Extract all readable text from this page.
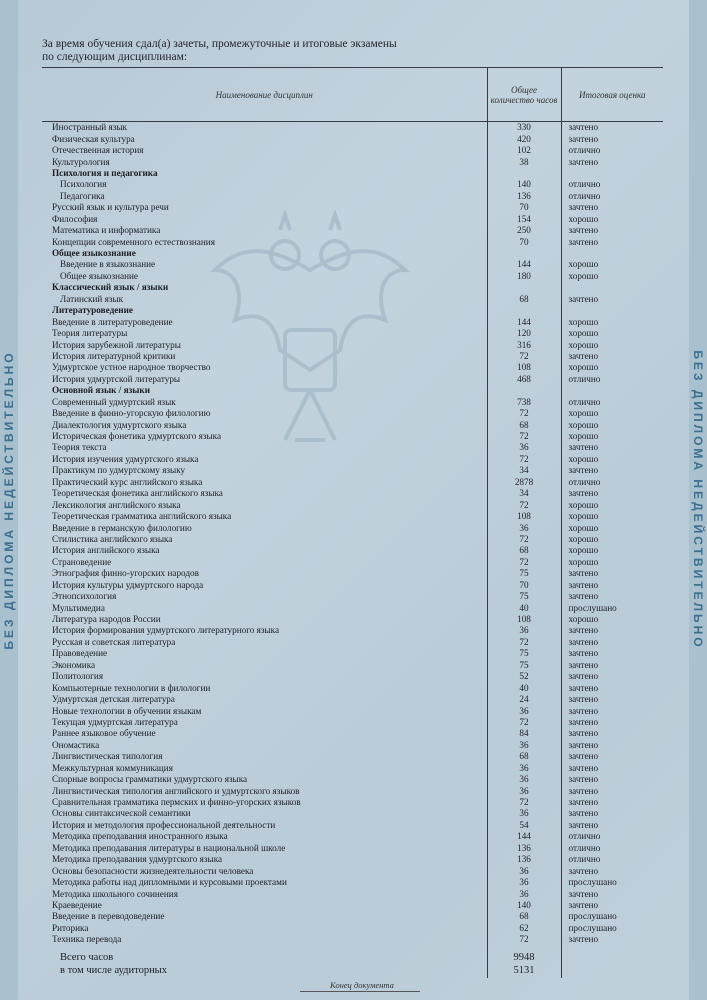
БЕЗ ДИПЛОМА НЕДЕЙСТВИТЕЛЬНО	БЕЗ ДИПЛОМА НЕДЕЙСТВИТЕЛЬНО
За время обучения сдал(а) зачеты, промежуточные и итоговые экзамены
по следующим дисциплинам:
Наименование дисциплин	Общее количество часов	Итоговая оценка
Иностранный язык	330	зачтено
Физическая культура	420	зачтено
Отечественная история	102	отлично
Культурология	38	зачтено
Психология и педагогика		
Психология	140	отлично
Педагогика	136	отлично
Русский язык и культура речи	70	зачтено
Философия	154	хорошо
Математика и информатика	250	зачтено
Концепции современного естествознания	70	зачтено
Общее языкознание		
Введение в языкознание	144	хорошо
Общее языкознание	180	хорошо
Классический язык / языки		
Латинский язык	68	зачтено
Литературоведение		
Введение в литературоведение	144	хорошо
Теория литературы	120	хорошо
История зарубежной литературы	316	хорошо
История литературной критики	72	зачтено
Удмуртское устное народное творчество	108	хорошо
История удмуртской литературы	468	отлично
Основной язык / языки		
Современный удмуртский язык	738	отлично
Введение в финно-угорскую филологию	72	хорошо
Диалектология удмуртского языка	68	хорошо
Историческая фонетика удмуртского языка	72	хорошо
Теория текста	36	зачтено
История изучения удмуртского языка	72	хорошо
Практикум по удмуртскому языку	34	зачтено
Практический курс английского языка	2878	отлично
Теоретическая фонетика английского языка	34	зачтено
Лексикология английского языка	72	хорошо
Теоретическая грамматика английского языка	108	хорошо
Введение в германскую филологию	36	хорошо
Стилистика английского языка	72	хорошо
История английского языка	68	хорошо
Страноведение	72	хорошо
Этнография финно-угорских народов	75	зачтено
История культуры удмуртского народа	70	зачтено
Этнопсихология	75	зачтено
Мультимедиа	40	прослушано
Литература народов России	108	хорошо
История формирования удмуртского литературного языка	36	зачтено
Русская и советская литература	72	зачтено
Правоведение	75	зачтено
Экономика	75	зачтено
Политология	52	зачтено
Компьютерные технологии в филологии	40	зачтено
Удмуртская детская литература	24	зачтено
Новые технологии в обучении языкам	36	зачтено
Текущая удмуртская литература	72	зачтено
Раннее языковое обучение	84	зачтено
Ономастика	36	зачтено
Лингвистическая типология	68	зачтено
Межкультурная коммуникация	36	зачтено
Спорные вопросы грамматики удмуртского языка	36	зачтено
Лингвистическая типология английского и удмуртского языков	36	зачтено
Сравнительная грамматика пермских и финно-угорских языков	72	зачтено
Основы синтаксической семантики	36	зачтено
История и методология профессиональной деятельности	54	зачтено
Методика преподавания иностранного языка	144	отлично
Методика преподавания литературы в национальной школе	136	отлично
Методика преподавания удмуртского языка	136	отлично
Основы безопасности жизнедеятельности человека	36	зачтено
Методика работы над дипломными и курсовыми проектами	36	прослушано
Методика школьного сочинения	36	зачтено
Краеведение	140	зачтено
Введение в переводоведение	68	прослушано
Риторика	62	прослушано
Техника перевода	72	зачтено

Всего часов	9948	
в том числе аудиторных	5131	
Конец документа
